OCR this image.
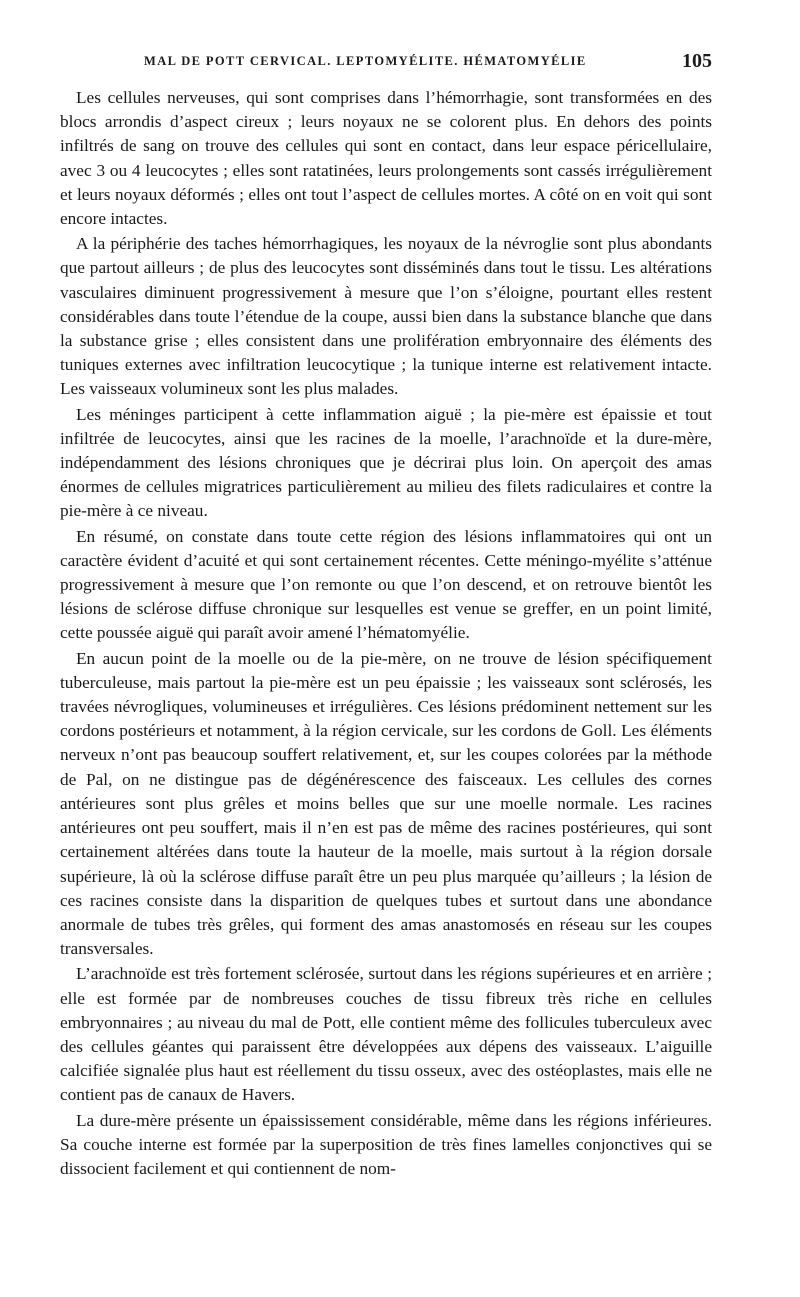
MAL DE POTT CERVICAL. LEPTOMYÉLITE. HÉMATOMYÉLIE	105

Les cellules nerveuses, qui sont comprises dans l’hémorrhagie, sont transformées en des blocs arrondis d’aspect cireux ; leurs noyaux ne se colorent plus. En dehors des points infiltrés de sang on trouve des cellules qui sont en contact, dans leur espace péricellulaire, avec 3 ou 4 leucocytes ; elles sont ratatinées, leurs prolongements sont cassés irrégulièrement et leurs noyaux déformés ; elles ont tout l’aspect de cellules mortes. A côté on en voit qui sont encore intactes.

A la périphérie des taches hémorrhagiques, les noyaux de la névroglie sont plus abondants que partout ailleurs ; de plus des leucocytes sont disséminés dans tout le tissu. Les altérations vasculaires diminuent progressivement à mesure que l’on s’éloigne, pourtant elles restent considérables dans toute l’étendue de la coupe, aussi bien dans la substance blanche que dans la substance grise ; elles consistent dans une prolifération embryonnaire des éléments des tuniques externes avec infiltration leucocytique ; la tunique interne est relativement intacte. Les vaisseaux volumineux sont les plus malades.

Les méninges participent à cette inflammation aiguë ; la pie-mère est épaissie et tout infiltrée de leucocytes, ainsi que les racines de la moelle, l’arachnoïde et la dure-mère, indépendamment des lésions chroniques que je décrirai plus loin. On aperçoit des amas énormes de cellules migratrices particulièrement au milieu des filets radiculaires et contre la pie-mère à ce niveau.

En résumé, on constate dans toute cette région des lésions inflammatoires qui ont un caractère évident d’acuité et qui sont certainement récentes. Cette méningo-myélite s’atténue progressivement à mesure que l’on remonte ou que l’on descend, et on retrouve bientôt les lésions de sclérose diffuse chronique sur lesquelles est venue se greffer, en un point limité, cette poussée aiguë qui paraît avoir amené l’hématomyélie.

En aucun point de la moelle ou de la pie-mère, on ne trouve de lésion spécifiquement tuberculeuse, mais partout la pie-mère est un peu épaissie ; les vaisseaux sont sclérosés, les travées névrogliques, volumineuses et irrégulières. Ces lésions prédominent nettement sur les cordons postérieurs et notamment, à la région cervicale, sur les cordons de Goll. Les éléments nerveux n’ont pas beaucoup souffert relativement, et, sur les coupes colorées par la méthode de Pal, on ne distingue pas de dégénérescence des faisceaux. Les cellules des cornes antérieures sont plus grêles et moins belles que sur une moelle normale. Les racines antérieures ont peu souffert, mais il n’en est pas de même des racines postérieures, qui sont certainement altérées dans toute la hauteur de la moelle, mais surtout à la région dorsale supérieure, là où la sclérose diffuse paraît être un peu plus marquée qu’ailleurs ; la lésion de ces racines consiste dans la disparition de quelques tubes et surtout dans une abondance anormale de tubes très grêles, qui forment des amas anastomosés en réseau sur les coupes transversales.

L’arachnoïde est très fortement sclérosée, surtout dans les régions supérieures et en arrière ; elle est formée par de nombreuses couches de tissu fibreux très riche en cellules embryonnaires ; au niveau du mal de Pott, elle contient même des follicules tuberculeux avec des cellules géantes qui paraissent être développées aux dépens des vaisseaux. L’aiguille calcifiée signalée plus haut est réellement du tissu osseux, avec des ostéoplastes, mais elle ne contient pas de canaux de Havers.

La dure-mère présente un épaississement considérable, même dans les régions inférieures. Sa couche interne est formée par la superposition de très fines lamelles conjonctives qui se dissocient facilement et qui contiennent de nom-
